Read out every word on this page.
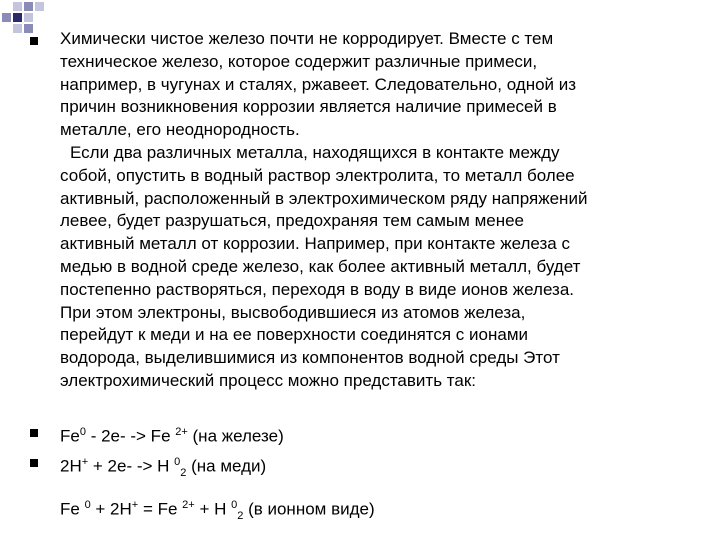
Химически чистое железо почти не корродирует. Вместе с тем
техническое железо, которое содержит различные примеси,
например, в чугунах и сталях, ржавеет. Следовательно, одной из
причин возникновения коррозии является наличие примесей в
металле, его неоднородность.

Если два различных металла, находящихся в контакте между
собой, опустить в водный раствор электролита, то металл более
активный, расположенный в электрохимическом ряду напряжений
левее, будет разрушаться, предохраняя тем самым менее
активный металл от коррозии. Например, при контакте железа с
медью в водной среде железо, как более активный металл, будет
постепенно растворяться, переходя в воду в виде ионов железа.
При этом электроны, высвободившиеся из атомов железа,
перейдут к меди и на ее поверхности соединятся с ионами
водорода, выделившимися из компонентов водной среды Этот
электрохимический процесс можно представить так:

Fe$^0$ - 2e- -> Fe $^{2+}$ (на железе)
2H+ + 2e- -> H $^0_2$ (на меди)
Fe $^0$ + 2H+ = Fe $^{2+}$ + H $^0_2$ (в ионном виде)
